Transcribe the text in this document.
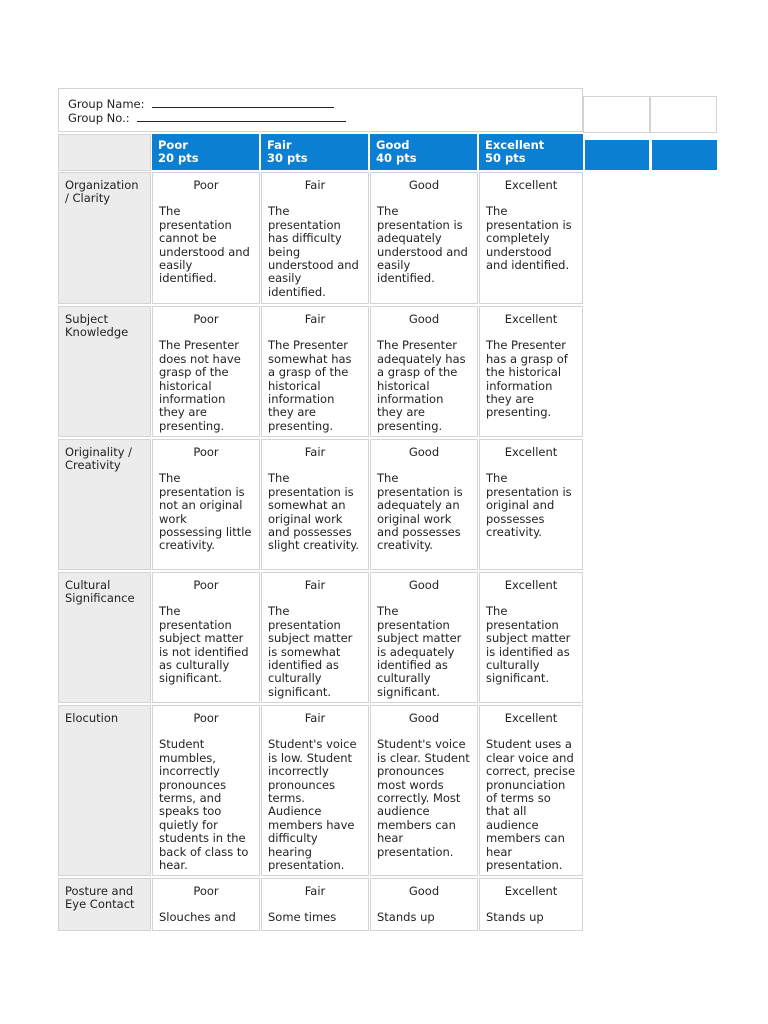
Group Name:
Group No.:
Poor
20 pts
Fair
30 pts
Good
40 pts
Excellent
50 pts
Organization / Clarity
Poor
The presentation cannot be understood and easily identified.
Fair
The presentation has difficulty being understood and easily identified.
Good
The presentation is adequately understood and easily identified.
Excellent
The presentation is completely understood and identified.
Subject Knowledge
Poor
The Presenter does not have grasp of the historical information they are presenting.
Fair
The Presenter somewhat has a grasp of the historical information they are presenting.
Good
The Presenter adequately has a grasp of the historical information they are presenting.
Excellent
The Presenter has a grasp of the historical information they are presenting.
Originality / Creativity
Poor
The presentation is not an original work possessing little creativity.
Fair
The presentation is somewhat an original work and possesses slight creativity.
Good
The presentation is adequately an original work and possesses creativity.
Excellent
The presentation is original and possesses creativity.
Cultural Significance
Poor
The presentation subject matter is not identified as culturally significant.
Fair
The presentation subject matter is somewhat identified as culturally significant.
Good
The presentation subject matter is adequately identified as culturally significant.
Excellent
The presentation subject matter is identified as culturally significant.
Elocution	Poor
Student mumbles, incorrectly pronounces terms, and speaks too quietly for students in the back of class to hear.
Fair
Student's voice is low. Student incorrectly pronounces terms. Audience members have difficulty hearing presentation.
Good
Student's voice is clear. Student pronounces most words correctly. Most audience members can hear presentation.
Excellent
Student uses a clear voice and correct, precise pronunciation of terms so that all audience members can hear presentation.
Posture and Eye Contact
Poor
Slouches and
Fair
Some times
Good
Stands up
Excellent
Stands up
